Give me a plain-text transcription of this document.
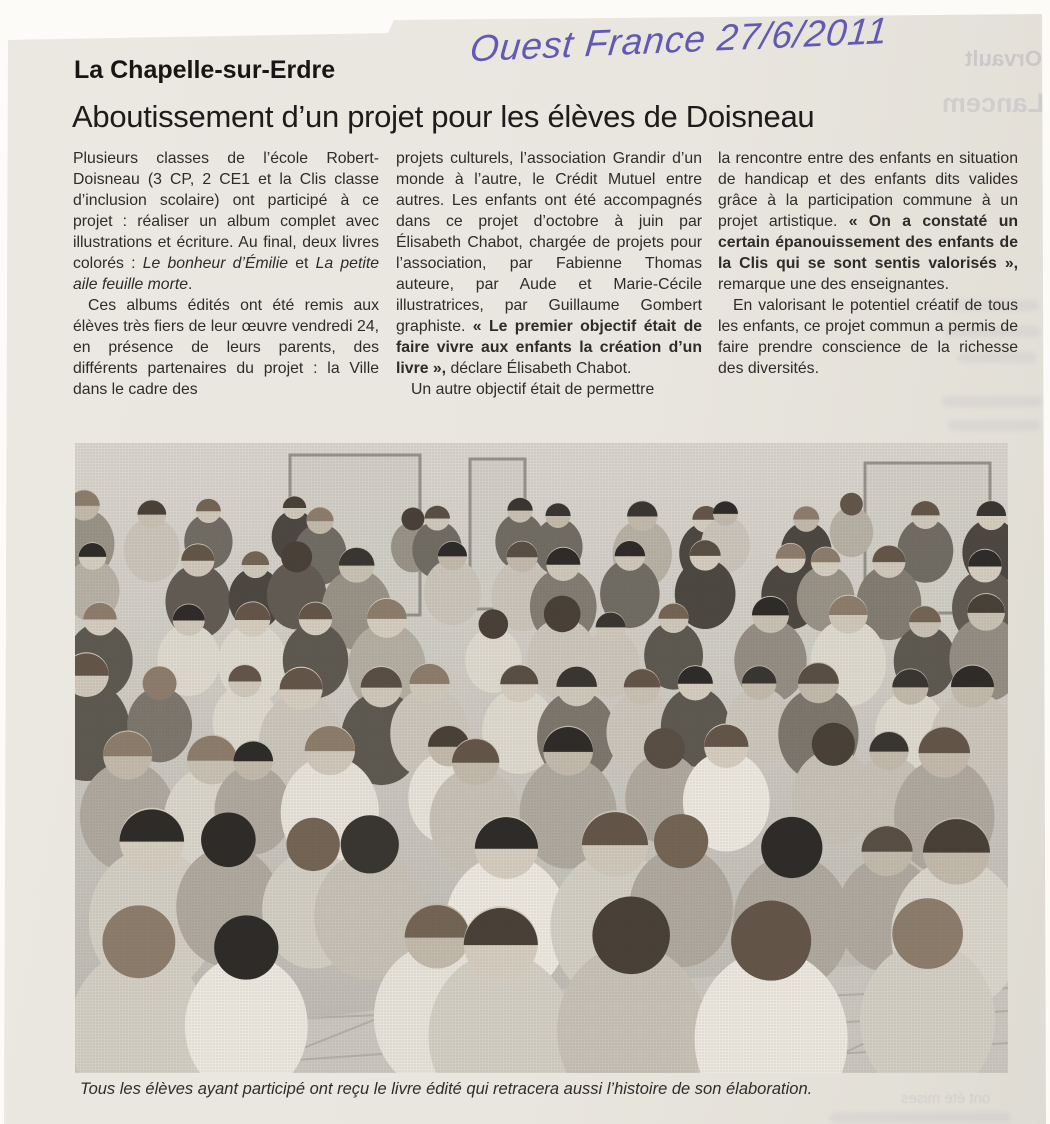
Orvault
Lancem
ont été mises
Ouest France 27/6/2011
La Chapelle-sur-Erdre
Aboutissement d’un projet pour les élèves de Doisneau

Plusieurs classes de l’école Robert-Doisneau (3 CP, 2 CE1 et la Clis classe d’inclusion scolaire) ont participé à ce projet : réaliser un album complet avec illustrations et écriture. Au final, deux livres colorés : Le bonheur d’Émilie et La petite aile feuille morte.

Ces albums édités ont été remis aux élèves très fiers de leur œuvre vendredi 24, en présence de leurs parents, des différents partenaires du projet : la Ville dans le cadre des

projets culturels, l’association Grandir d’un monde à l’autre, le Crédit Mutuel entre autres. Les enfants ont été accompagnés dans ce projet d’octobre à juin par Élisabeth Chabot, chargée de projets pour l’association, par Fabienne Thomas auteure, par Aude et Marie-Cécile illustratrices, par Guillaume Gombert graphiste. « Le premier objectif était de faire vivre aux enfants la création d’un livre », déclare Élisabeth Chabot.

Un autre objectif était de permettre

la rencontre entre des enfants en situation de handicap et des enfants dits valides grâce à la participation commune à un projet artistique. « On a constaté un certain épanouissement des enfants de la Clis qui se sont sentis valorisés », remarque une des enseignantes.

En valorisant le potentiel créatif de tous les enfants, ce projet commun a permis de faire prendre conscience de la richesse des diversités.

Tous les élèves ayant participé ont reçu le livre édité qui retracera aussi l’histoire de son élaboration.
